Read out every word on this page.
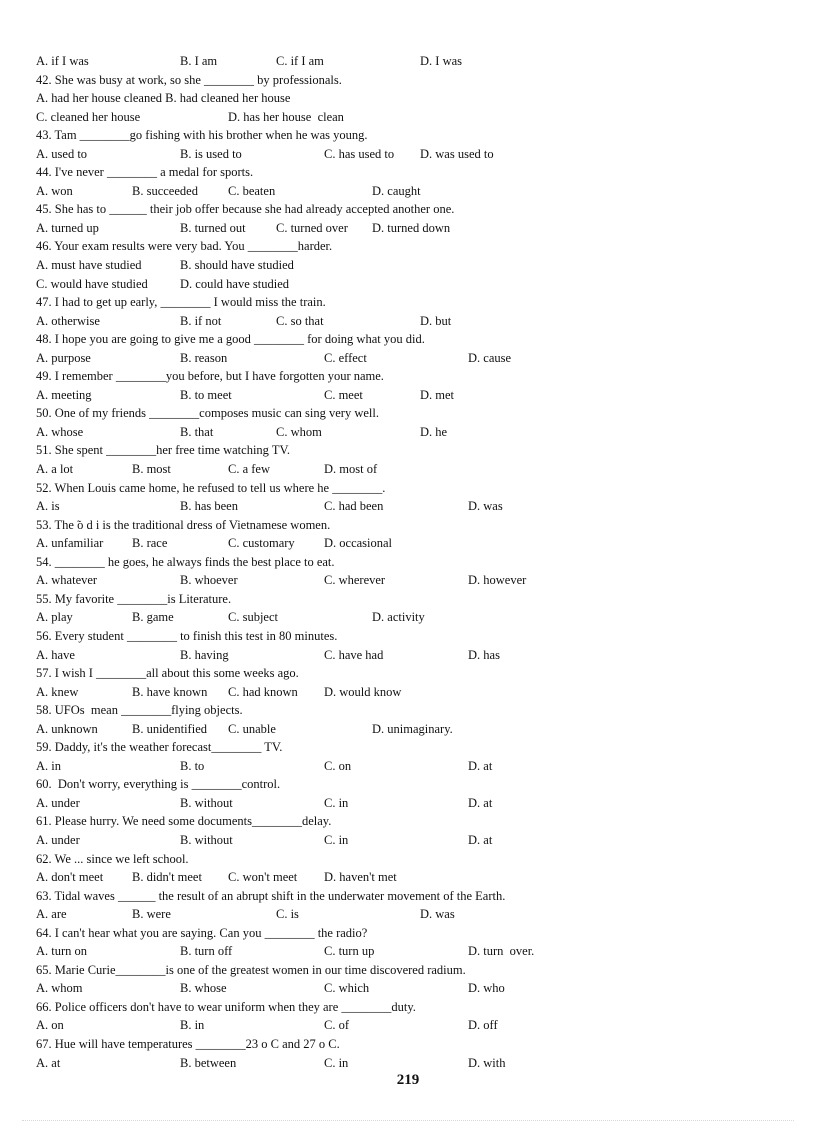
A. if I was	B. I am	C. if I am	D. I was
42. She was busy at work, so she ________ by professionals.
A. had her house cleaned B. had cleaned her house
C. cleaned her house	D. has her house  clean
43. Tam ________go fishing with his brother when he was young.
A. used to	B. is used to	C. has used to D. was used to
44. I've never ________ a medal for sports.
A. won	B. succeeded C. beaten	D. caught
45. She has to ______ their job offer because she had already accepted another one.
A. turned up	B. turned out C. turned over D. turned down
46. Your exam results were very bad. You ________harder.
A. must have studied	B. should have studied
C. would have studied	D. could have studied
47. I had to get up early, ________ I would miss the train.
A. otherwise	B. if not	C. so that	D. but
48. I hope you are going to give me a good ________ for doing what you did.
A. purpose	B. reason	C. effect	D. cause
49. I remember ________you before, but I have forgotten your name.
A. meeting	B. to meet	C. meet	D. met
50. One of my friends ________composes music can sing very well.
A. whose	B. that	C. whom	D. he
51. She spent ________her free time watching TV.
A. a lot	B. most	C. a few	D. most of
52. When Louis came home, he refused to tell us where he ________.
A. is	B. has been	C. had been	D. was
53. The ̃o d i is the traditional dress of Vietnamese women.
A. unfamiliar B. race	C. customary D. occasional
54. ________ he goes, he always finds the best place to eat.
A. whatever	B. whoever	C. wherever	D. however
55. My favorite ________is Literature.
A. play	B. game	C. subject	D. activity
56. Every student ________ to finish this test in 80 minutes.
A. have	B. having	C. have had	D. has
57. I wish I ________all about this some weeks ago.
A. knew	B. have known C. had known D. would know
58. UFOs  mean ________flying objects.
A. unknown	B. unidentified C. unable	D. unimaginary.
59. Daddy, it's the weather forecast________ TV.
A. in	B. to	C. on	D. at
60.  Don't worry, everything is ________control.
A. under	B. without	C. in	D. at
61. Please hurry. We need some documents________delay.
A. under	B. without	C. in	D. at
62. We ... since we left school.
A. don't meet B. didn't meet C. won't meet D. haven't met
63. Tidal waves ______ the result of an abrupt shift in the underwater movement of the Earth.
A. are	B. were	C. is	D. was
64. I can't hear what you are saying. Can you ________ the radio?
A. turn on	B. turn off	C. turn up	D. turn  over.
65. Marie Curie________is one of the greatest women in our time discovered radium.
A. whom	B. whose	C. which	D. who
66. Police officers don't have to wear uniform when they are ________duty.
A. on	B. in	C. of	D. off
67. Hue will have temperatures ________23 o C and 27 o C.
A. at	B. between	C. in	D. with
219
